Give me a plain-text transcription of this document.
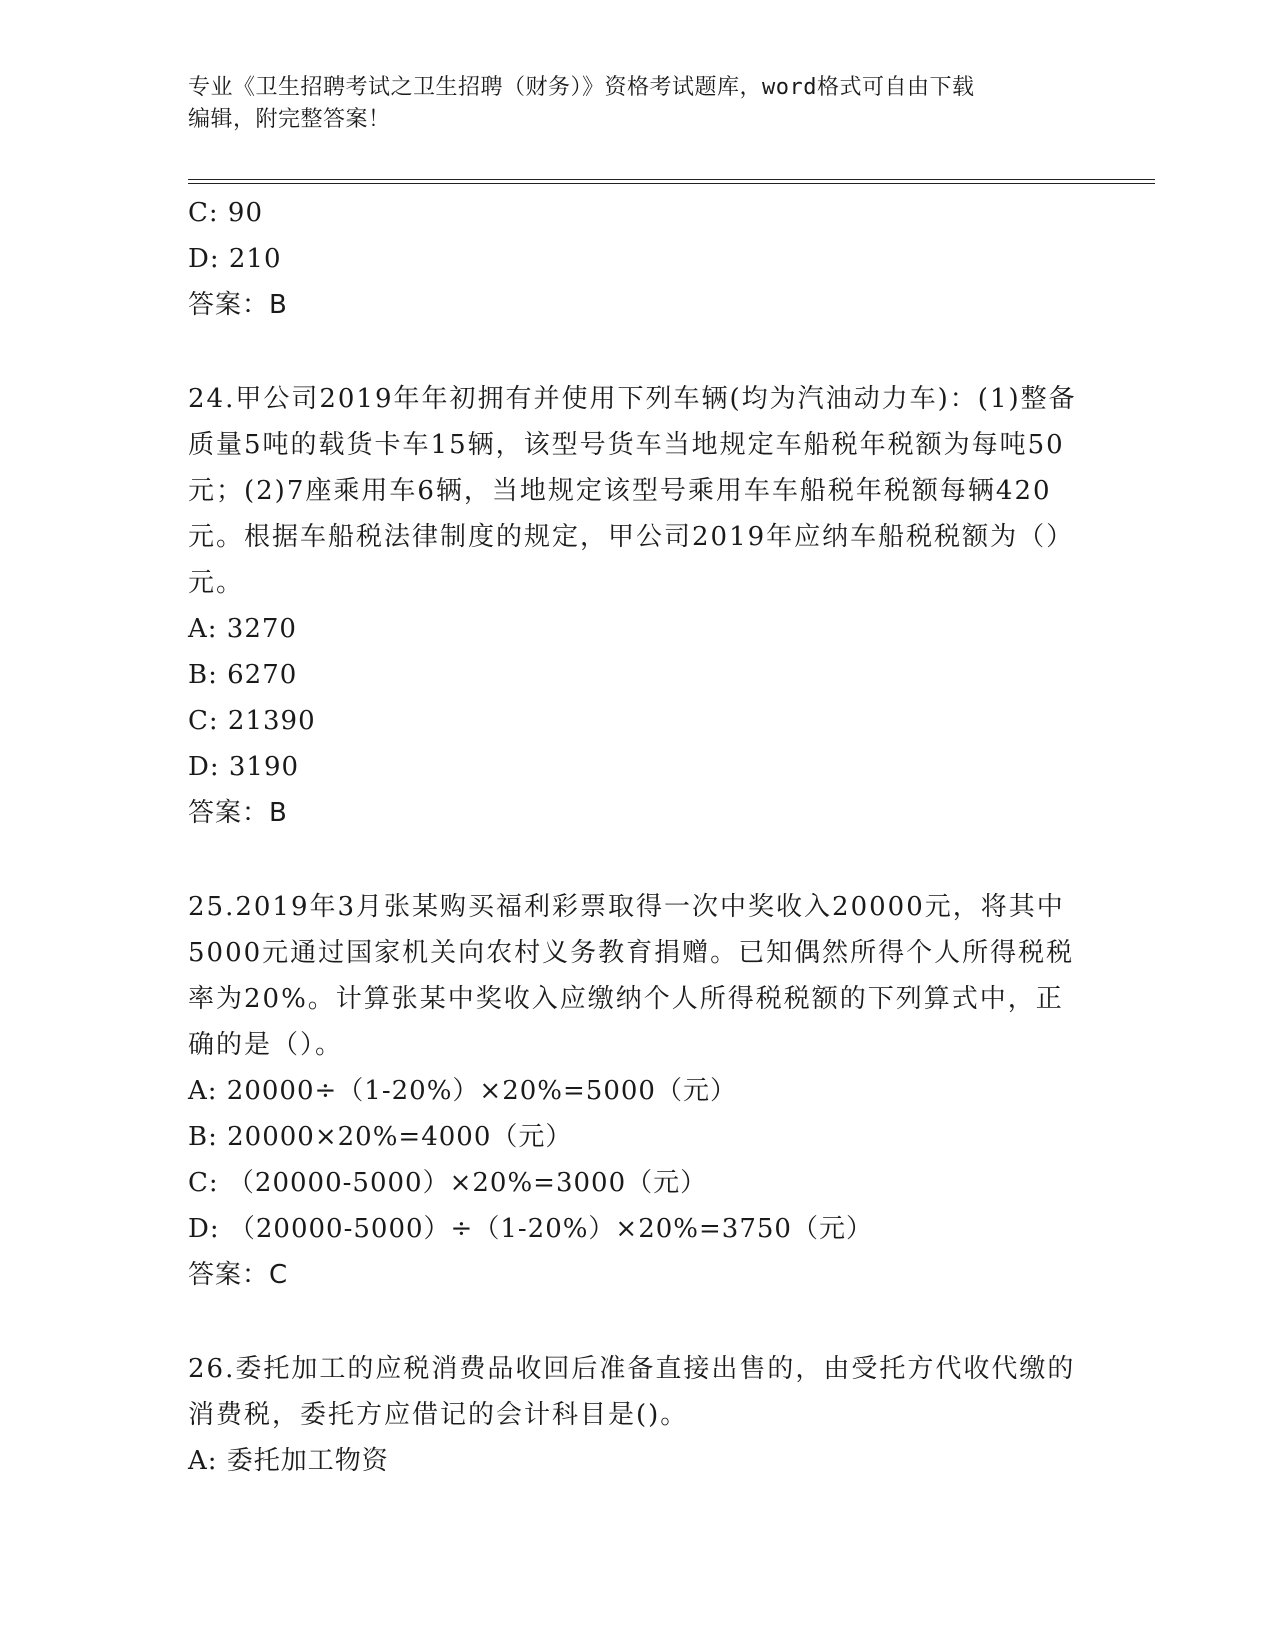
专业《卫生招聘考试之卫生招聘（财务）》资格考试题库，word格式可自由下载
编辑，附完整答案！
C: 90
D: 210
答案：B
24.甲公司2019年年初拥有并使用下列车辆(均为汽油动力车)：(1)整备质量5吨的载货卡车15辆，该型号货车当地规定车船税年税额为每吨50元；(2)7座乘用车6辆，当地规定该型号乘用车车船税年税额每辆420元。根据车船税法律制度的规定，甲公司2019年应纳车船税税额为（）元。
A: 3270
B: 6270
C: 21390
D: 3190
答案：B
25.2019年3月张某购买福利彩票取得一次中奖收入20000元，将其中5000元通过国家机关向农村义务教育捐赠。已知偶然所得个人所得税税率为20%。计算张某中奖收入应缴纳个人所得税税额的下列算式中，正确的是（）。
A: 20000÷（1-20%）×20%=5000（元）
B: 20000×20%=4000（元）
C: （20000-5000）×20%=3000（元）
D: （20000-5000）÷（1-20%）×20%=3750（元）
答案：C
26.委托加工的应税消费品收回后准备直接出售的，由受托方代收代缴的消费税，委托方应借记的会计科目是()。
A: 委托加工物资
